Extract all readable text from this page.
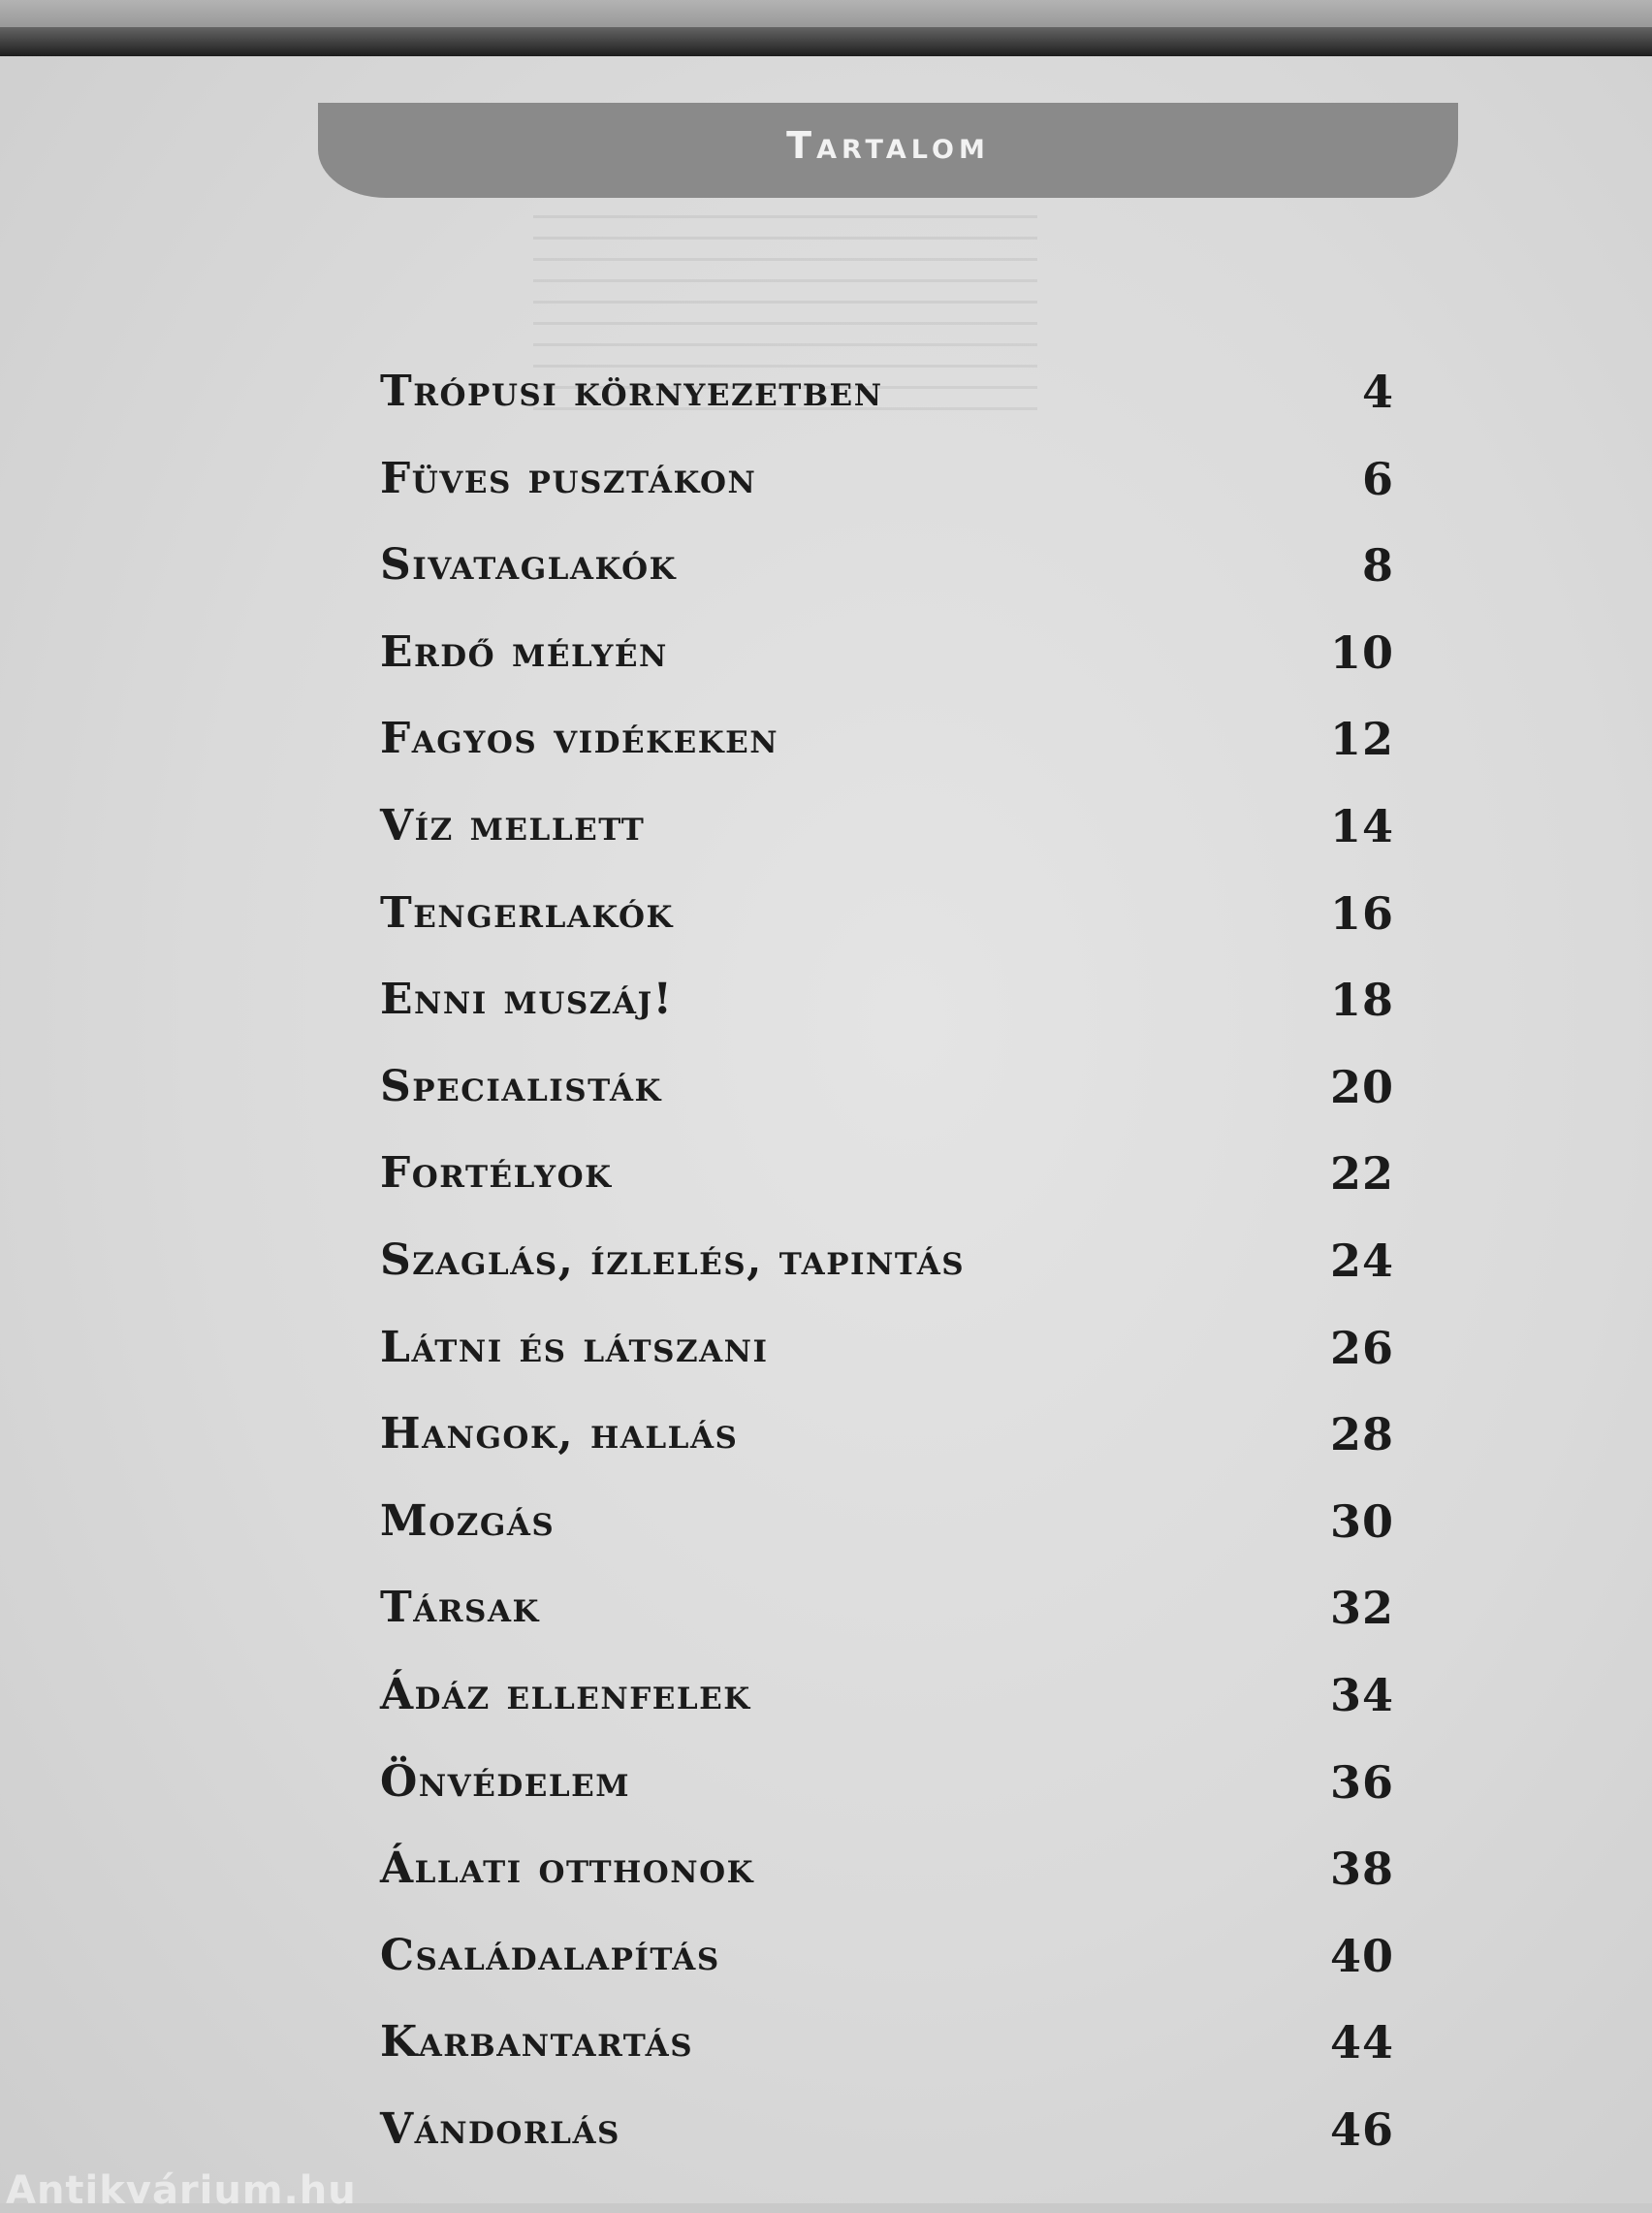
Tartalom
Trópusi környezetben	4
Füves pusztákon	6
Sivataglakók	8
Erdő mélyén	10
Fagyos vidékeken	12
Víz mellett	14
Tengerlakók	16
Enni muszáj!	18
Specialisták	20
Fortélyok	22
Szaglás, ízlelés, tapintás	24
Látni és látszani	26
Hangok, hallás	28
Mozgás	30
Társak	32
Ádáz ellenfelek	34
Önvédelem	36
Állati otthonok	38
Családalapítás	40
Karbantartás	44
Vándorlás	46
Antikvárium.hu
